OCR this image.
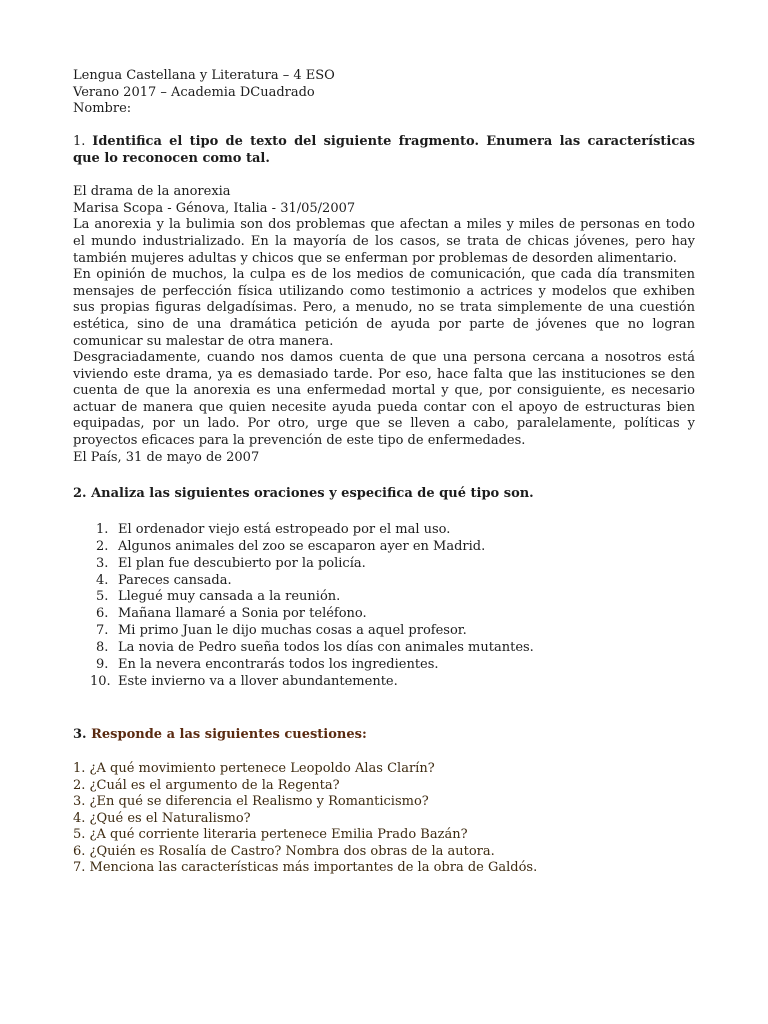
Lengua Castellana y Literatura – 4 ESO
Verano 2017 – Academia DCuadrado
Nombre:
1. Identifica el tipo de texto del siguiente fragmento. Enumera las características que lo reconocen como tal.
El drama de la anorexia
Marisa Scopa - Génova, Italia - 31/05/2007
La anorexia y la bulimia son dos problemas que afectan a miles y miles de personas en todo el mundo industrializado. En la mayoría de los casos, se trata de chicas jóvenes, pero hay también mujeres adultas y chicos que se enferman por problemas de desorden alimentario.
En opinión de muchos, la culpa es de los medios de comunicación, que cada día transmiten mensajes de perfección física utilizando como testimonio a actrices y modelos que exhiben sus propias figuras delgadísimas. Pero, a menudo, no se trata simplemente de una cuestión estética, sino de una dramática petición de ayuda por parte de jóvenes que no logran comunicar su malestar de otra manera.
Desgraciadamente, cuando nos damos cuenta de que una persona cercana a nosotros está viviendo este drama, ya es demasiado tarde. Por eso, hace falta que las instituciones se den cuenta de que la anorexia es una enfermedad mortal y que, por consiguiente, es necesario actuar de manera que quien necesite ayuda pueda contar con el apoyo de estructuras bien equipadas, por un lado. Por otro, urge que se lleven a cabo, paralelamente, políticas y proyectos eficaces para la prevención de este tipo de enfermedades.
El País, 31 de mayo de 2007
2. Analiza las siguientes oraciones y especifica de qué tipo son.
1. El ordenador viejo está estropeado por el mal uso.
2. Algunos animales del zoo se escaparon ayer en Madrid.
3. El plan fue descubierto por la policía.
4. Pareces cansada.
5. Llegué muy cansada a la reunión.
6. Mañana llamaré a Sonia por teléfono.
7. Mi primo Juan le dijo muchas cosas a aquel profesor.
8. La novia de Pedro sueña todos los días con animales mutantes.
9. En la nevera encontrarás todos los ingredientes.
10. Este invierno va a llover abundantemente.
3. Responde a las siguientes cuestiones:
1. ¿A qué movimiento pertenece Leopoldo Alas Clarín?
2. ¿Cuál es el argumento de la Regenta?
3. ¿En qué se diferencia el Realismo y Romanticismo?
4. ¿Qué es el Naturalismo?
5. ¿A qué corriente literaria pertenece Emilia Prado Bazán?
6. ¿Quién es Rosalía de Castro? Nombra dos obras de la autora.
7. Menciona las características más importantes de la obra de Galdós.
